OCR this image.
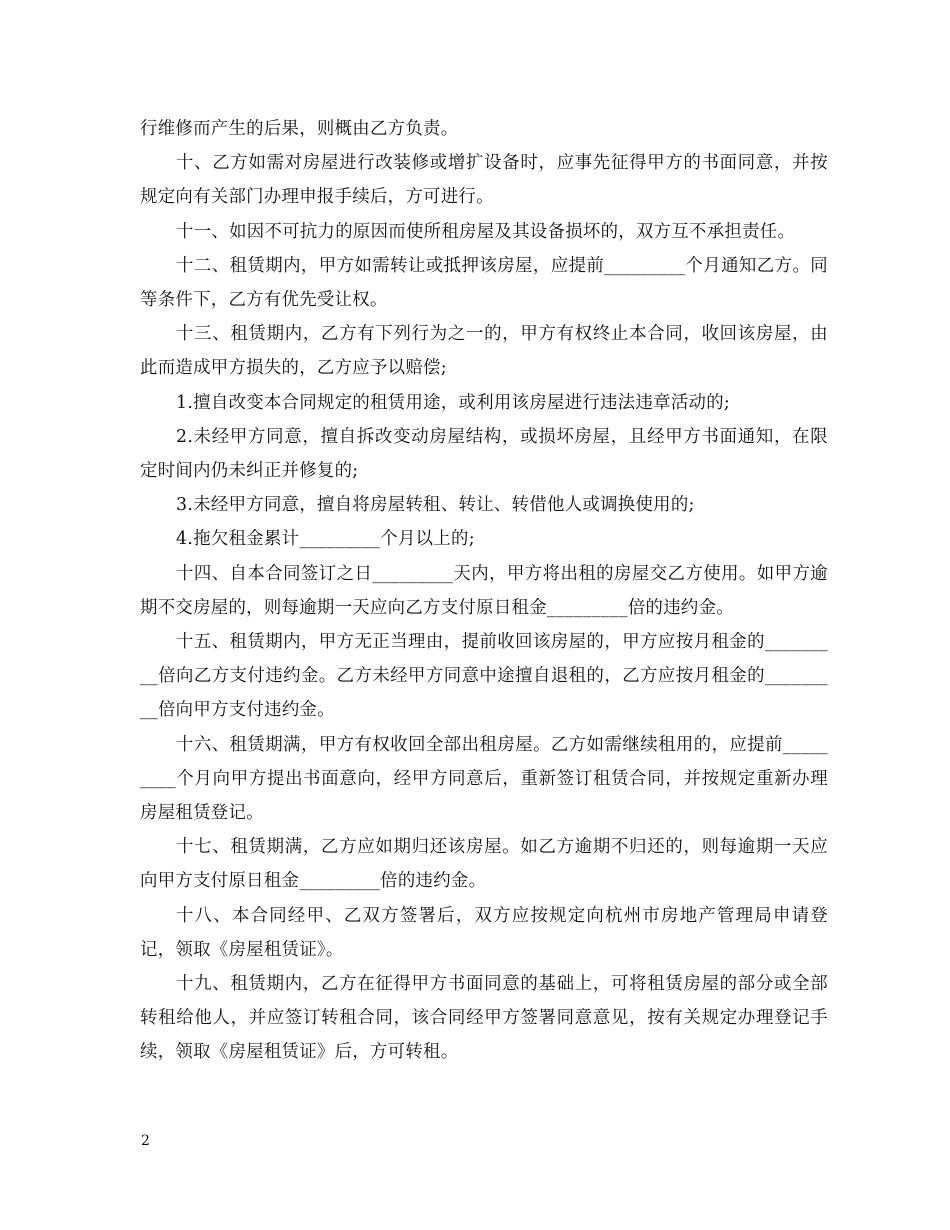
行维修而产生的后果，则概由乙方负责。

十、乙方如需对房屋进行改装修或增扩设备时，应事先征得甲方的书面同意，并按规定向有关部门办理申报手续后，方可进行。

十一、如因不可抗力的原因而使所租房屋及其设备损坏的，双方互不承担责任。

十二、租赁期内，甲方如需转让或抵押该房屋，应提前_________个月通知乙方。同等条件下，乙方有优先受让权。

十三、租赁期内，乙方有下列行为之一的，甲方有权终止本合同，收回该房屋，由此而造成甲方损失的，乙方应予以赔偿;

1.擅自改变本合同规定的租赁用途，或利用该房屋进行违法违章活动的;

2.未经甲方同意，擅自拆改变动房屋结构，或损坏房屋，且经甲方书面通知，在限定时间内仍未纠正并修复的;

3.未经甲方同意，擅自将房屋转租、转让、转借他人或调换使用的;

4.拖欠租金累计_________个月以上的;

十四、自本合同签订之日_________天内，甲方将出租的房屋交乙方使用。如甲方逾期不交房屋的，则每逾期一天应向乙方支付原日租金_________倍的违约金。

十五、租赁期内，甲方无正当理由，提前收回该房屋的，甲方应按月租金的_________倍向乙方支付违约金。乙方未经甲方同意中途擅自退租的，乙方应按月租金的_________倍向甲方支付违约金。

十六、租赁期满，甲方有权收回全部出租房屋。乙方如需继续租用的，应提前_________个月向甲方提出书面意向，经甲方同意后，重新签订租赁合同，并按规定重新办理房屋租赁登记。

十七、租赁期满，乙方应如期归还该房屋。如乙方逾期不归还的，则每逾期一天应向甲方支付原日租金_________倍的违约金。

十八、本合同经甲、乙双方签署后，双方应按规定向杭州市房地产管理局申请登记，领取《房屋租赁证》。

十九、租赁期内，乙方在征得甲方书面同意的基础上，可将租赁房屋的部分或全部转租给他人，并应签订转租合同，该合同经甲方签署同意意见，按有关规定办理登记手续，领取《房屋租赁证》后，方可转租。

2
